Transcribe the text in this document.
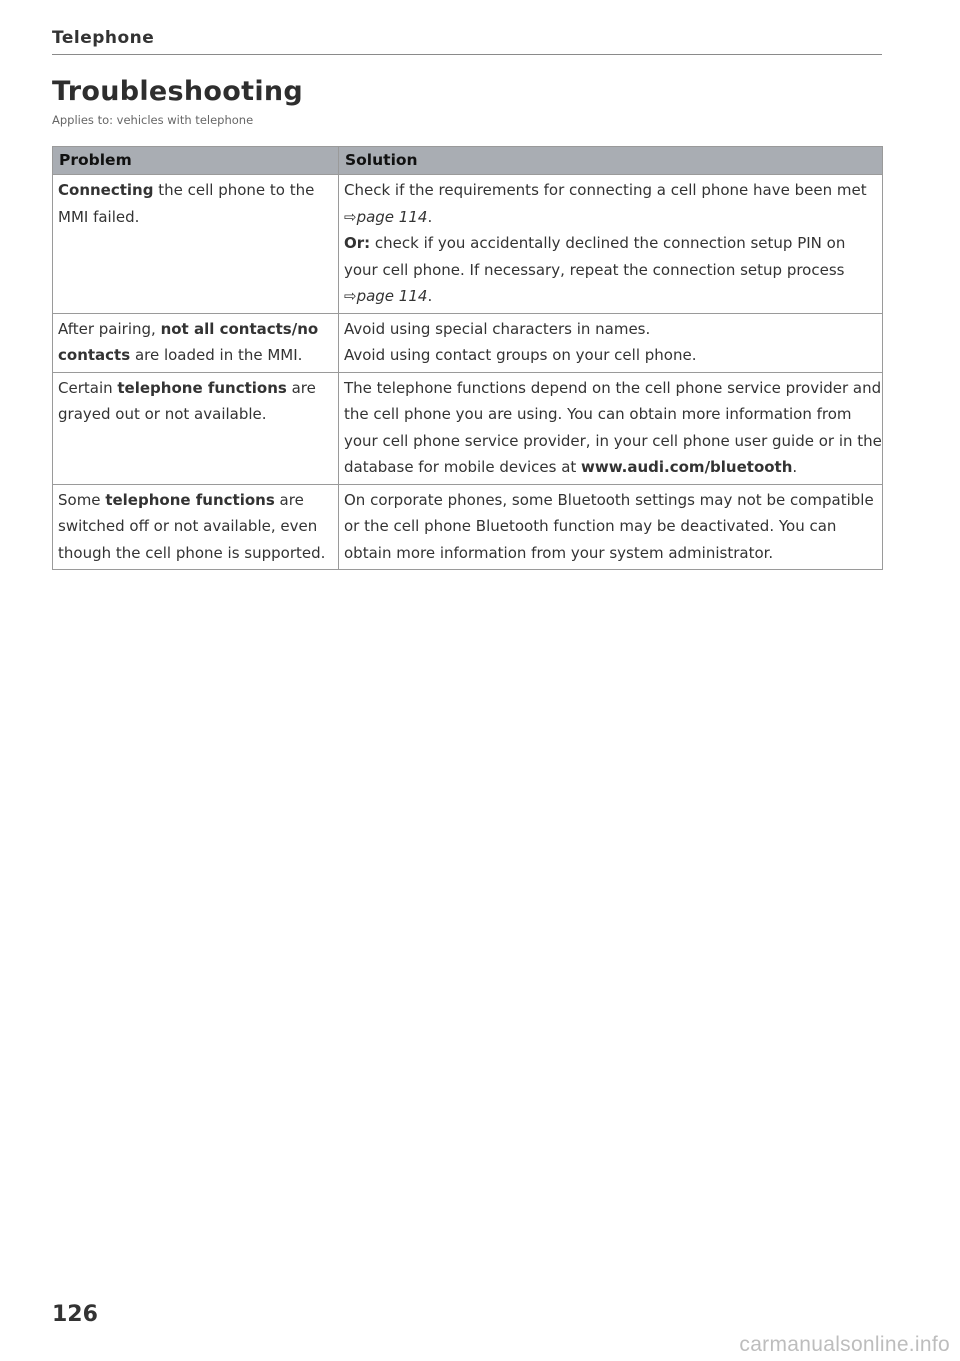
Telephone
Troubleshooting
Applies to: vehicles with telephone
Problem	Solution
Connecting the cell phone to the MMI failed.	Check if the requirements for connecting a cell phone have been met ⇨page 114.
Or: check if you accidentally declined the connection setup PIN on your cell phone. If necessary, repeat the connection setup process ⇨page 114.

After pairing, not all contacts/no contacts are loaded in the MMI.	Avoid using special characters in names.
Avoid using contact groups on your cell phone.

Certain telephone functions are grayed out or not available.	The telephone functions depend on the cell phone service provider and the cell phone you are using. You can obtain more information from your cell phone service provider, in your cell phone user guide or in the database for mobile devices at www.audi.com/bluetooth.
Some telephone functions are switched off or not available, even though the cell phone is supported.	On corporate phones, some Bluetooth settings may not be compatible or the cell phone Bluetooth function may be deactivated. You can obtain more information from your system administrator.
126
carmanualsonline.info
